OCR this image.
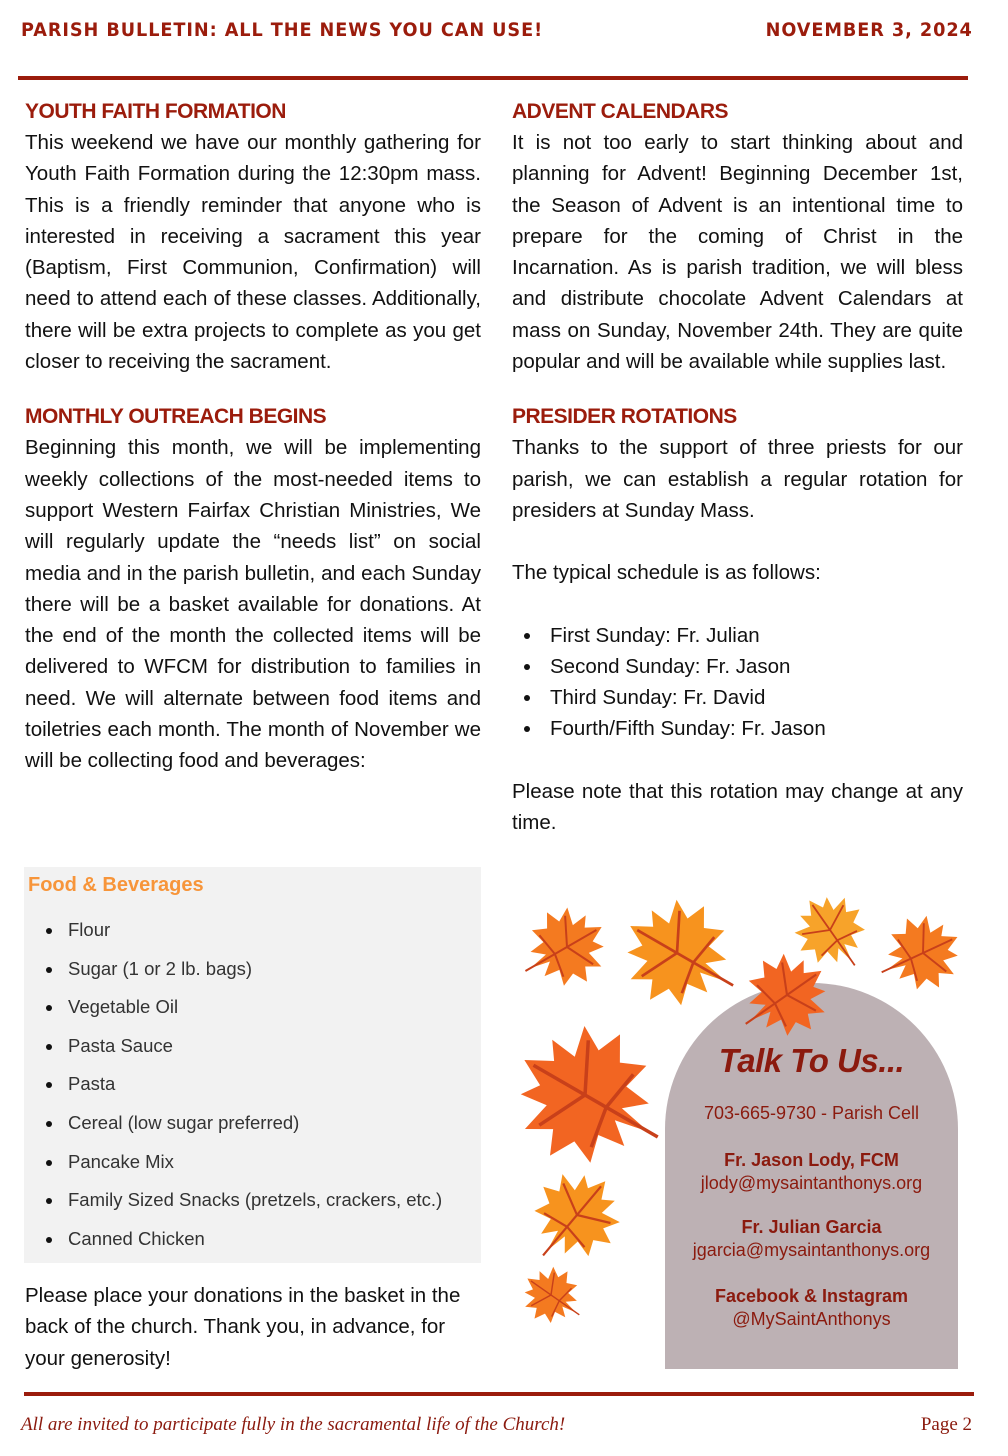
PARISH BULLETIN: ALL THE NEWS YOU CAN USE!	NOVEMBER 3, 2024
YOUTH FAITH FORMATION

This weekend we have our monthly gathering for Youth Faith Formation during the 12:30pm mass. This is a friendly reminder that anyone who is interested in receiving a sacrament this year (Baptism, First Communion, Confirmation) will need to attend each of these classes. Additionally, there will be extra projects to complete as you get closer to receiving the sacrament.

MONTHLY OUTREACH BEGINS

Beginning this month, we will be implementing weekly collections of the most-needed items to support Western Fairfax Christian Ministries, We will regularly update the “needs list” on social media and in the parish bulletin, and each Sunday there will be a basket available for donations. At the end of the month the collected items will be delivered to WFCM for distribution to families in need. We will alternate between food items and toiletries each month. The month of November we will be collecting food and beverages:

Food & Beverages
Flour
Sugar (1 or 2 lb. bags)
Vegetable Oil
Pasta Sauce
Pasta
Cereal (low sugar preferred)
Pancake Mix
Family Sized Snacks (pretzels, crackers, etc.)
Canned Chicken
Please place your donations in the basket in the back of the church. Thank you, in advance, for your generosity!
ADVENT CALENDARS

It is not too early to start thinking about and planning for Advent! Beginning December 1st, the Season of Advent is an intentional time to prepare for the coming of Christ in the Incarnation. As is parish tradition, we will bless and distribute chocolate Advent Calendars at mass on Sunday, November 24th. They are quite popular and will be available while supplies last.

PRESIDER ROTATIONS

Thanks to the support of three priests for our parish, we can establish a regular rotation for presiders at Sunday Mass.

The typical schedule is as follows:

First Sunday: Fr. Julian
Second Sunday: Fr. Jason
Third Sunday: Fr. David
Fourth/Fifth Sunday: Fr. Jason

Please note that this rotation may change at any time.

Talk To Us...
703-665-9730 - Parish Cell
Fr. Jason Lody, FCM
jlody@mysaintanthonys.org
Fr. Julian Garcia
jgarcia@mysaintanthonys.org
Facebook & Instagram
@MySaintAnthonys
All are invited to participate fully in the sacramental life of the Church!	Page 2
